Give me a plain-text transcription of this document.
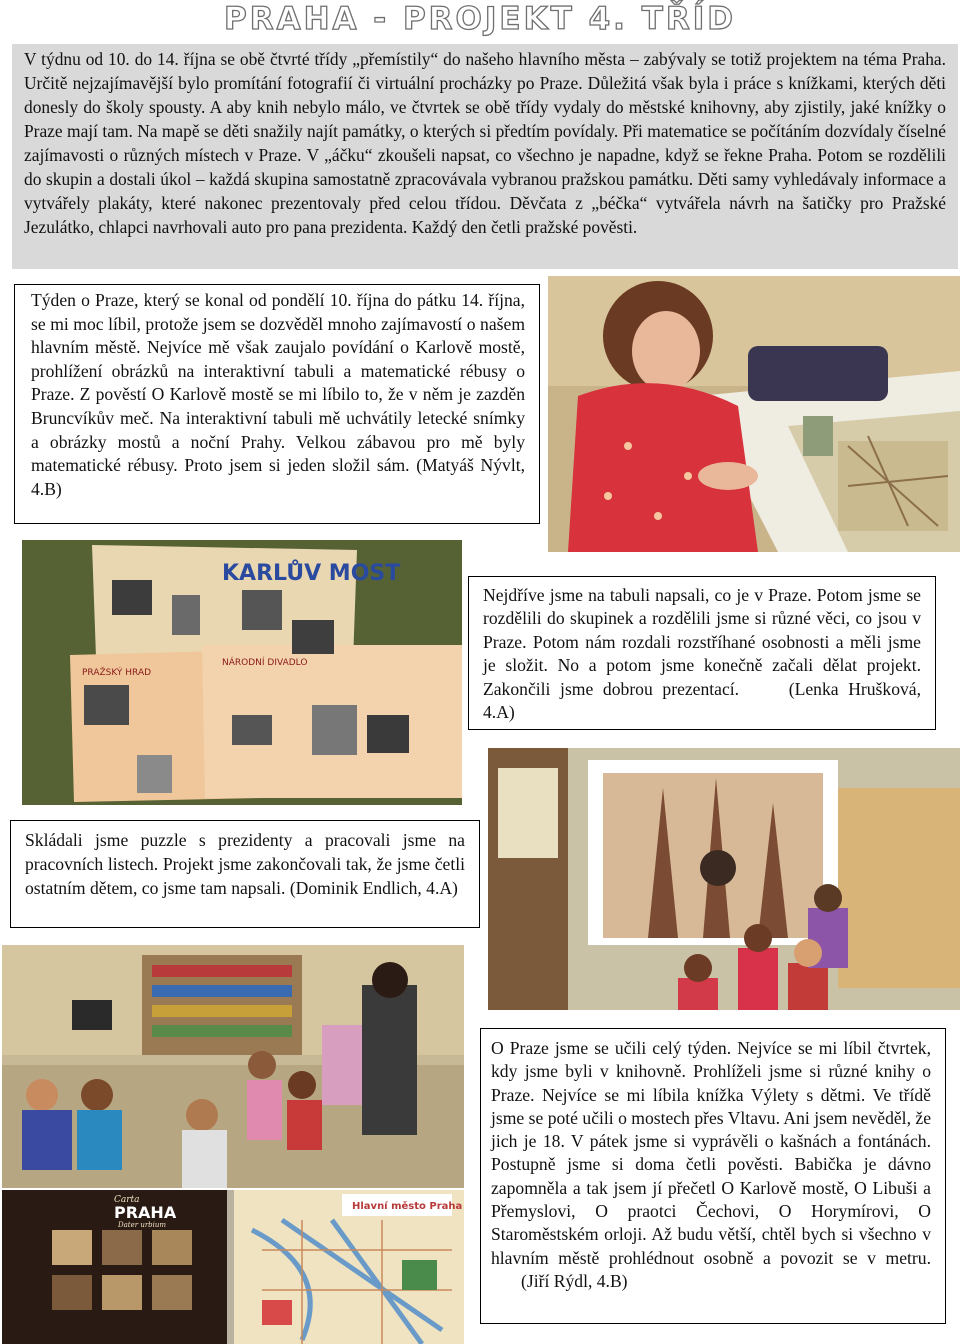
PRAHA - PROJEKT 4. TŘÍD

V týdnu od 10. do 14. října se obě čtvrté třídy „přemístily“ do našeho hlavního města – zabývaly se totiž projektem na téma Praha. Určitě nejzajímavější bylo promítání fotografií či virtuální procházky po Praze. Důležitá však byla i práce s knížkami, kterých děti donesly do školy spousty. A aby knih nebylo málo, ve čtvrtek se obě třídy vydaly do městské knihovny, aby zjistily, jaké knížky o Praze mají tam. Na mapě se děti snažily najít památky, o kterých si předtím povídaly. Při matematice se počítáním dozvídaly číselné zajímavosti o různých místech v Praze. V „áčku“ zkoušeli napsat, co všechno je napadne, když se řekne Praha. Potom se rozdělili do skupin a dostali úkol – každá skupina samostatně zpracovávala vybranou pražskou památku. Děti samy vyhledávaly informace a vytvářely plakáty, které nakonec prezentovaly před celou třídou. Děvčata z „béčka“ vytvářela návrh na šatičky pro Pražské Jezulátko, chlapci navrhovali auto pro pana prezidenta. Každý den četli pražské pověsti.

Týden o Praze, který se konal od pondělí 10. října do pátku 14. října, se mi moc líbil, protože jsem se dozvěděl mnoho zajímavostí o našem hlavním městě. Nejvíce mě však zaujalo povídání o Karlově mostě, prohlížení obrázků na interaktivní tabuli a matematické rébusy o Praze. Z pověstí O Karlově mostě se mi líbilo to, že v něm je zazděn Bruncvíkův meč. Na interaktivní tabuli mě uchvátily letecké snímky a obrázky mostů a noční Prahy. Velkou zábavou pro mě byly matematické rébusy. Proto jsem si jeden složil sám. (Matyáš Nývlt, 4.B)

KARLŮV MOST
PRAŽSKÝ HRAD
NÁRODNÍ DIVADLO

Nejdříve jsme na tabuli napsali, co je v Praze. Potom jsme se rozdělili do skupinek a rozdělili jsme si různé věci, co jsou v Praze. Potom nám rozdali rozstříhané osobnosti a měli jsme je složit. No a potom jsme konečně začali dělat projekt. Zakončili jsme dobrou prezentací.	(Lenka Hrušková, 4.A)

Skládali jsme puzzle s prezidenty a pracovali jsme na pracovních listech. Projekt jsme zakončovali tak, že jsme četli ostatním dětem, co jsme tam napsali. (Dominik Endlich, 4.A)

Carta
PRAHA
Dater urbium
Hlavní město Praha

O Praze jsme se učili celý týden. Nejvíce se mi líbil čtvrtek, kdy jsme byli v knihovně. Prohlíželi jsme si různé knihy o Praze. Nejvíce se mi líbila knížka Výlety s dětmi. Ve třídě jsme se poté učili o mostech přes Vltavu. Ani jsem nevěděl, že jich je 18. V pátek jsme si vyprávěli o kašnách a fontánách. Postupně jsme si doma četli pověsti. Babička je dávno zapomněla a tak jsem jí přečetl O Karlově mostě, O Libuši a Přemyslovi, O praotci Čechovi, O Horymírovi, O Staroměstském orloji. Až budu větší, chtěl bych si všechno v hlavním městě prohlédnout osobně a povozit se v metru. (Jiří Rýdl, 4.B)
